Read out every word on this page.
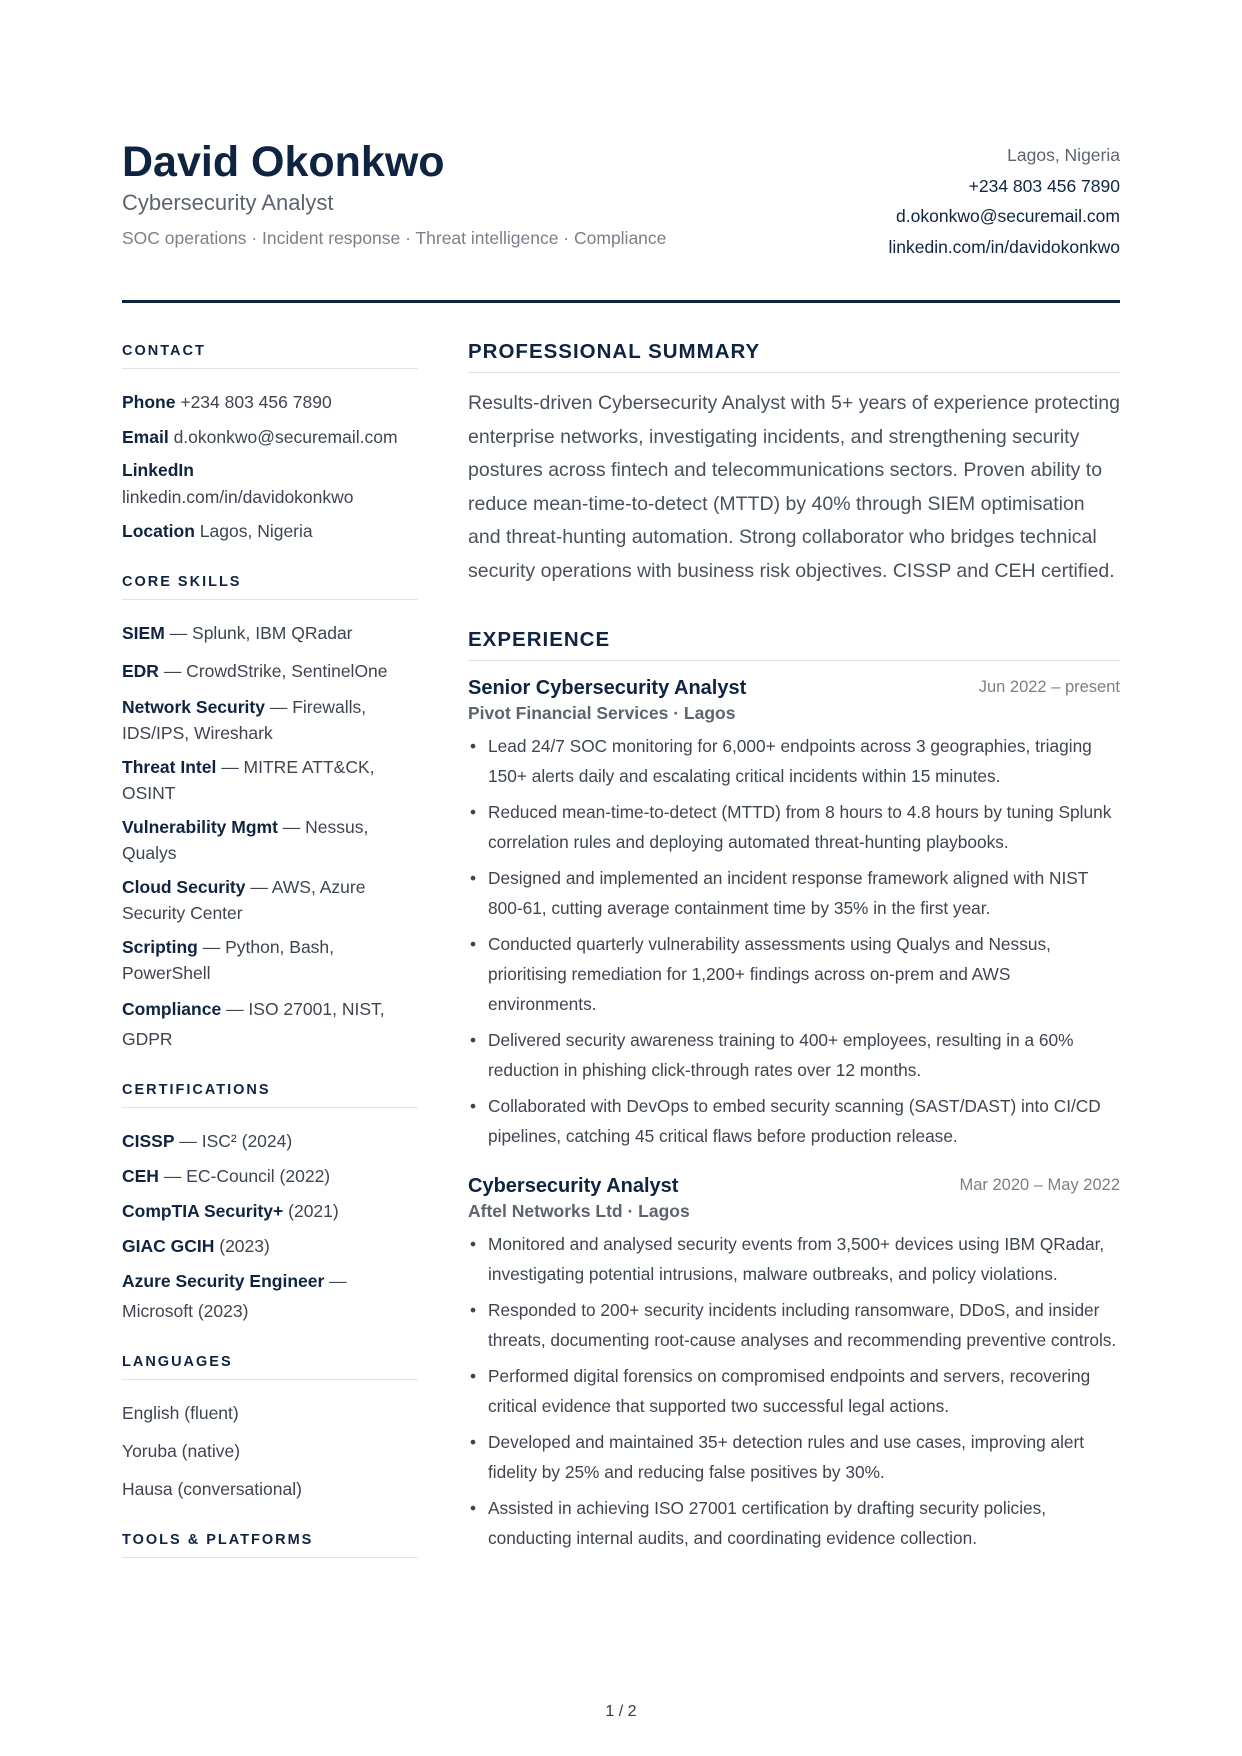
David Okonkwo
Cybersecurity Analyst
SOC operations · Incident response · Threat intelligence · Compliance
Lagos, Nigeria
+234 803 456 7890
d.okonkwo@securemail.com
linkedin.com/in/davidokonkwo
CONTACT
Phone +234 803 456 7890
Email d.okonkwo@securemail.com
LinkedIn
linkedin.com/in/davidokonkwo
Location Lagos, Nigeria
CORE SKILLS
SIEM — Splunk, IBM QRadar
EDR — CrowdStrike, SentinelOne
Network Security — Firewalls, IDS/IPS, Wireshark
Threat Intel — MITRE ATT&CK, OSINT
Vulnerability Mgmt — Nessus, Qualys
Cloud Security — AWS, Azure Security Center
Scripting — Python, Bash, PowerShell
Compliance — ISO 27001, NIST, GDPR
CERTIFICATIONS
CISSP — ISC² (2024)
CEH — EC-Council (2022)
CompTIA Security+ (2021)
GIAC GCIH (2023)
Azure Security Engineer — Microsoft (2023)
LANGUAGES
English (fluent)
Yoruba (native)
Hausa (conversational)
TOOLS & PLATFORMS
PROFESSIONAL SUMMARY

Results-driven Cybersecurity Analyst with 5+ years of experience protecting enterprise networks, investigating incidents, and strengthening security postures across fintech and telecommunications sectors. Proven ability to reduce mean-time-to-detect (MTTD) by 40% through SIEM optimisation and threat-hunting automation. Strong collaborator who bridges technical security operations with business risk objectives. CISSP and CEH certified.

EXPERIENCE
Senior Cybersecurity Analyst	Jun 2022 – present
Pivot Financial Services · Lagos
• Lead 24/7 SOC monitoring for 6,000+ endpoints across 3 geographies, triaging 150+ alerts daily and escalating critical incidents within 15 minutes.
• Reduced mean-time-to-detect (MTTD) from 8 hours to 4.8 hours by tuning Splunk correlation rules and deploying automated threat-hunting playbooks.
• Designed and implemented an incident response framework aligned with NIST 800-61, cutting average containment time by 35% in the first year.
• Conducted quarterly vulnerability assessments using Qualys and Nessus, prioritising remediation for 1,200+ findings across on-prem and AWS environments.
• Delivered security awareness training to 400+ employees, resulting in a 60% reduction in phishing click-through rates over 12 months.
• Collaborated with DevOps to embed security scanning (SAST/DAST) into CI/CD pipelines, catching 45 critical flaws before production release.
Cybersecurity Analyst	Mar 2020 – May 2022
Aftel Networks Ltd · Lagos
• Monitored and analysed security events from 3,500+ devices using IBM QRadar, investigating potential intrusions, malware outbreaks, and policy violations.
• Responded to 200+ security incidents including ransomware, DDoS, and insider threats, documenting root-cause analyses and recommending preventive controls.
• Performed digital forensics on compromised endpoints and servers, recovering critical evidence that supported two successful legal actions.
• Developed and maintained 35+ detection rules and use cases, improving alert fidelity by 25% and reducing false positives by 30%.
• Assisted in achieving ISO 27001 certification by drafting security policies, conducting internal audits, and coordinating evidence collection.
1 / 2
